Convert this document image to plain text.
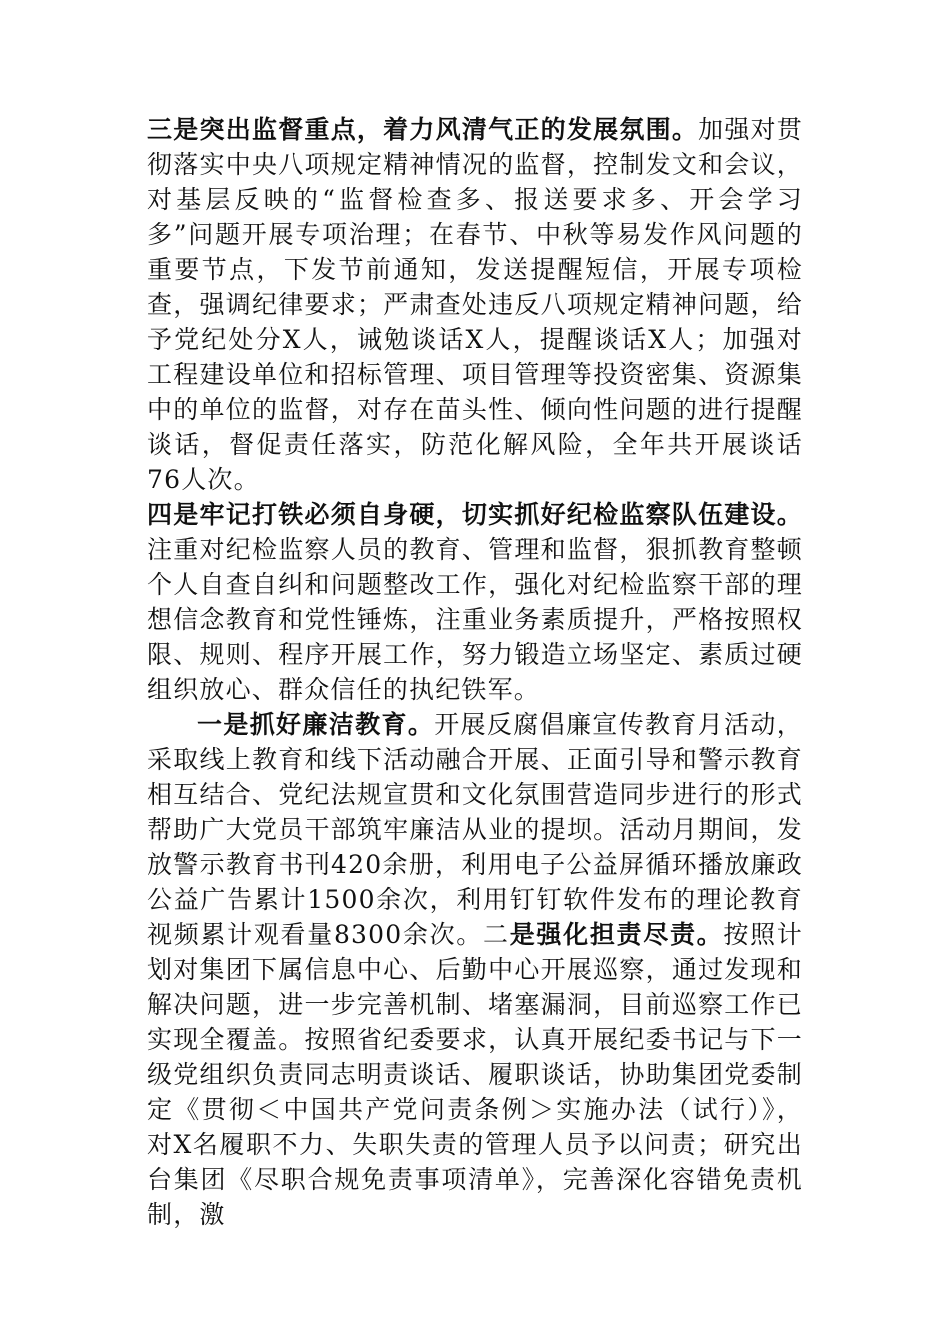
三是突出监督重点，着力风清气正的发展氛围。加强对贯彻落实中央八项规定精神情况的监督，控制发文和会议，对基层反映的“监督检查多、报送要求多、开会学习多”问题开展专项治理；在春节、中秋等易发作风问题的重要节点，下发节前通知，发送提醒短信，开展专项检查，强调纪律要求；严肃查处违反八项规定精神问题，给予党纪处分X人，诫勉谈话X人，提醒谈话X人；加强对工程建设单位和招标管理、项目管理等投资密集、资源集中的单位的监督，对存在苗头性、倾向性问题的进行提醒谈话，督促责任落实，防范化解风险，全年共开展谈话76人次。

四是牢记打铁必须自身硬，切实抓好纪检监察队伍建设。注重对纪检监察人员的教育、管理和监督，狠抓教育整顿个人自查自纠和问题整改工作，强化对纪检监察干部的理想信念教育和党性锤炼，注重业务素质提升，严格按照权限、规则、程序开展工作，努力锻造立场坚定、素质过硬组织放心、群众信任的执纪铁军。

一是抓好廉洁教育。开展反腐倡廉宣传教育月活动，采取线上教育和线下活动融合开展、正面引导和警示教育相互结合、党纪法规宣贯和文化氛围营造同步进行的形式帮助广大党员干部筑牢廉洁从业的提坝。活动月期间，发放警示教育书刊420余册，利用电子公益屏循环播放廉政公益广告累计1500余次，利用钉钉软件发布的理论教育视频累计观看量8300余次。二是强化担责尽责。按照计划对集团下属信息中心、后勤中心开展巡察，通过发现和解决问题，进一步完善机制、堵塞漏洞，目前巡察工作已实现全覆盖。按照省纪委要求，认真开展纪委书记与下一级党组织负责同志明责谈话、履职谈话，协助集团党委制定《贯彻＜中国共产党问责条例＞实施办法（试行）》，对X名履职不力、失职失责的管理人员予以问责；研究出台集团《尽职合规免责事项清单》，完善深化容错免责机制，激
